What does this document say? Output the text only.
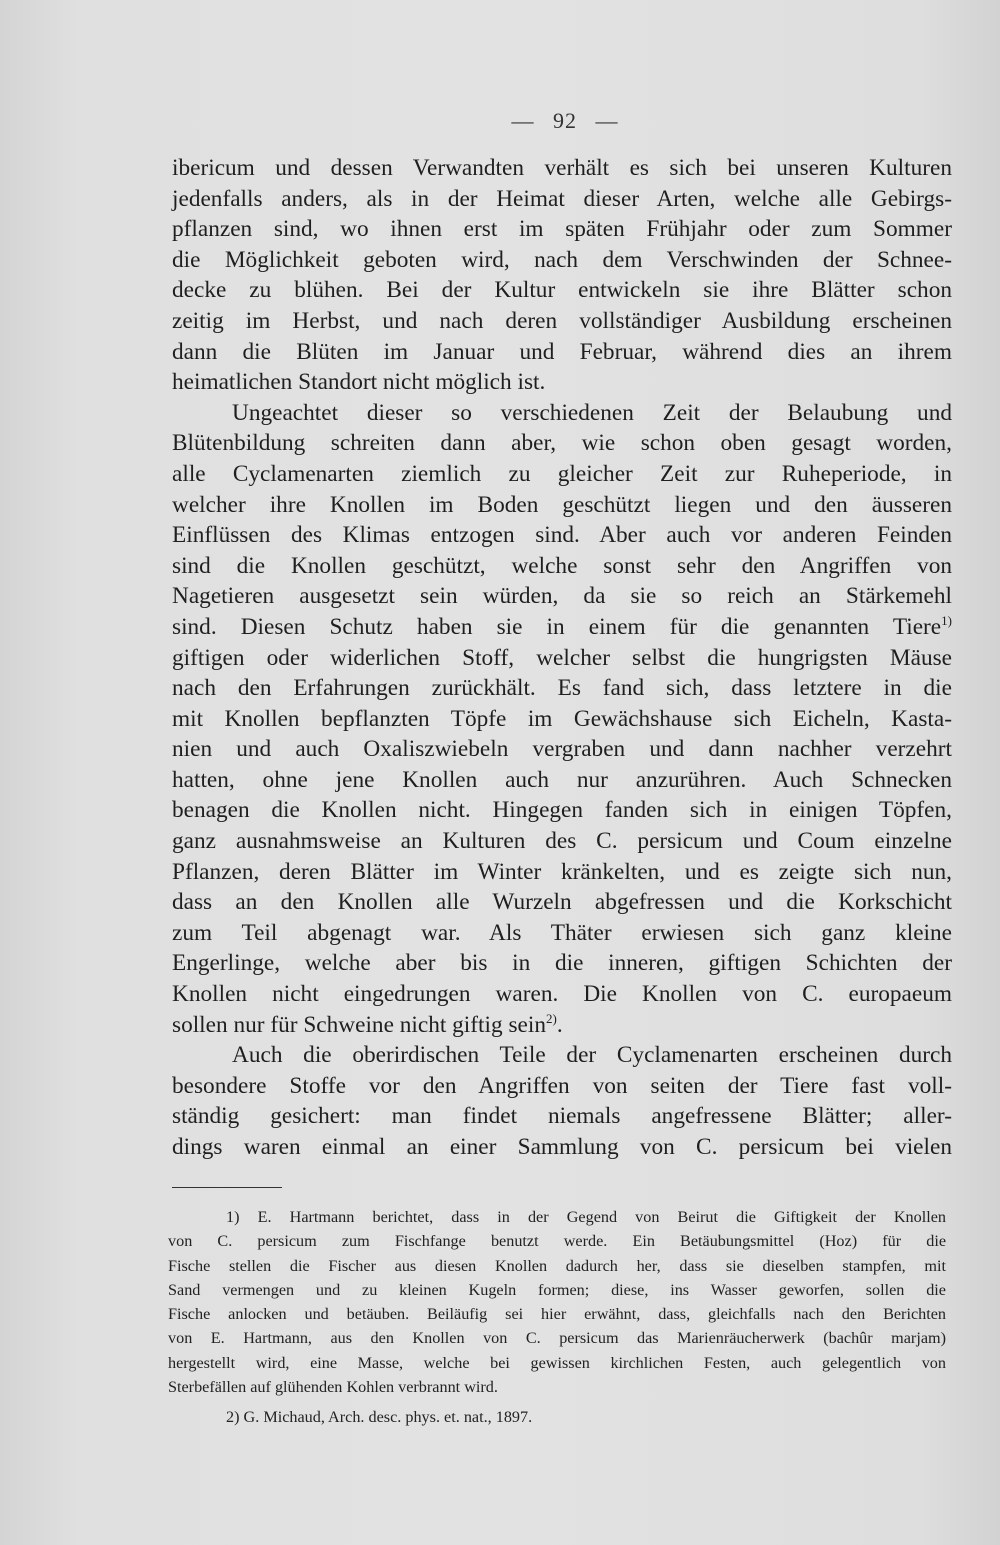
— 92 —
ibericum und dessen Verwandten verhält es sich bei unseren Kulturen
jedenfalls anders, als in der Heimat dieser Arten, welche alle Gebirgs-
pflanzen sind, wo ihnen erst im späten Frühjahr oder zum Sommer
die Möglichkeit geboten wird, nach dem Verschwinden der Schnee-
decke zu blühen. Bei der Kultur entwickeln sie ihre Blätter schon
zeitig im Herbst, und nach deren vollständiger Ausbildung erscheinen
dann die Blüten im Januar und Februar, während dies an ihrem
heimatlichen Standort nicht möglich ist.
Ungeachtet dieser so verschiedenen Zeit der Belaubung und
Blütenbildung schreiten dann aber, wie schon oben gesagt worden,
alle Cyclamenarten ziemlich zu gleicher Zeit zur Ruheperiode, in
welcher ihre Knollen im Boden geschützt liegen und den äusseren
Einflüssen des Klimas entzogen sind. Aber auch vor anderen Feinden
sind die Knollen geschützt, welche sonst sehr den Angriffen von
Nagetieren ausgesetzt sein würden, da sie so reich an Stärkemehl
sind. Diesen Schutz haben sie in einem für die genannten Tiere$^{1)}$
giftigen oder widerlichen Stoff, welcher selbst die hungrigsten Mäuse
nach den Erfahrungen zurückhält. Es fand sich, dass letztere in die
mit Knollen bepflanzten Töpfe im Gewächshause sich Eicheln, Kasta-
nien und auch Oxaliszwiebeln vergraben und dann nachher verzehrt
hatten, ohne jene Knollen auch nur anzurühren. Auch Schnecken
benagen die Knollen nicht. Hingegen fanden sich in einigen Töpfen,
ganz ausnahmsweise an Kulturen des C. persicum und Coum einzelne
Pflanzen, deren Blätter im Winter kränkelten, und es zeigte sich nun,
dass an den Knollen alle Wurzeln abgefressen und die Korkschicht
zum Teil abgenagt war. Als Thäter erwiesen sich ganz kleine
Engerlinge, welche aber bis in die inneren, giftigen Schichten der
Knollen nicht eingedrungen waren. Die Knollen von C. europaeum
sollen nur für Schweine nicht giftig sein$^{2)}$.
Auch die oberirdischen Teile der Cyclamenarten erscheinen durch
besondere Stoffe vor den Angriffen von seiten der Tiere fast voll-
ständig gesichert: man findet niemals angefressene Blätter; aller-
dings waren einmal an einer Sammlung von C. persicum bei vielen
1) E. Hartmann berichtet, dass in der Gegend von Beirut die Giftigkeit der Knollen
von C. persicum zum Fischfange benutzt werde. Ein Betäubungsmittel (Hoz) für die
Fische stellen die Fischer aus diesen Knollen dadurch her, dass sie dieselben stampfen, mit
Sand vermengen und zu kleinen Kugeln formen; diese, ins Wasser geworfen, sollen die
Fische anlocken und betäuben. Beiläufig sei hier erwähnt, dass, gleichfalls nach den Berichten
von E. Hartmann, aus den Knollen von C. persicum das Marienräucherwerk (bachûr marjam)
hergestellt wird, eine Masse, welche bei gewissen kirchlichen Festen, auch gelegentlich von
Sterbefällen auf glühenden Kohlen verbrannt wird.
2) G. Michaud, Arch. desc. phys. et. nat., 1897.
